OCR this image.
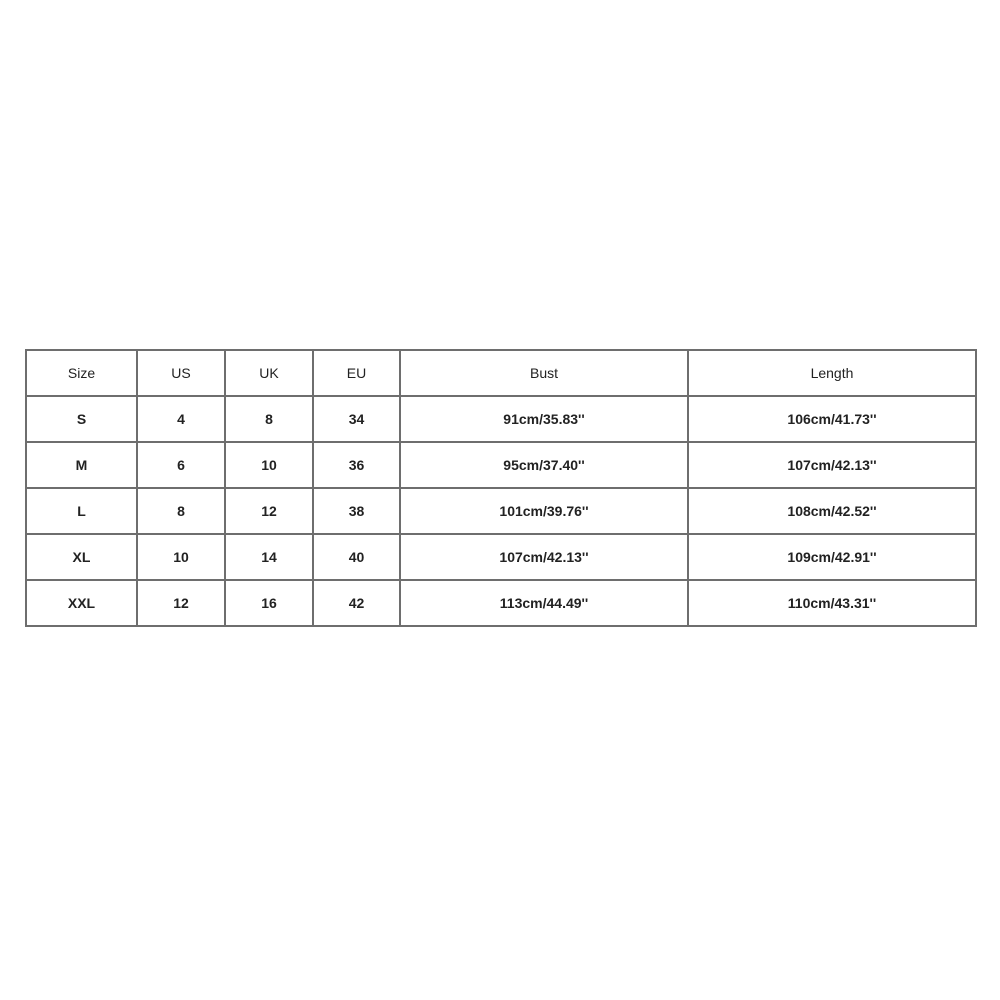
Size	US	UK	EU	Bust	Length
S	4	8	34	91cm/35.83''	106cm/41.73''
M	6	10	36	95cm/37.40''	107cm/42.13''
L	8	12	38	101cm/39.76''	108cm/42.52''
XL	10	14	40	107cm/42.13''	109cm/42.91''
XXL	12	16	42	113cm/44.49''	110cm/43.31''
